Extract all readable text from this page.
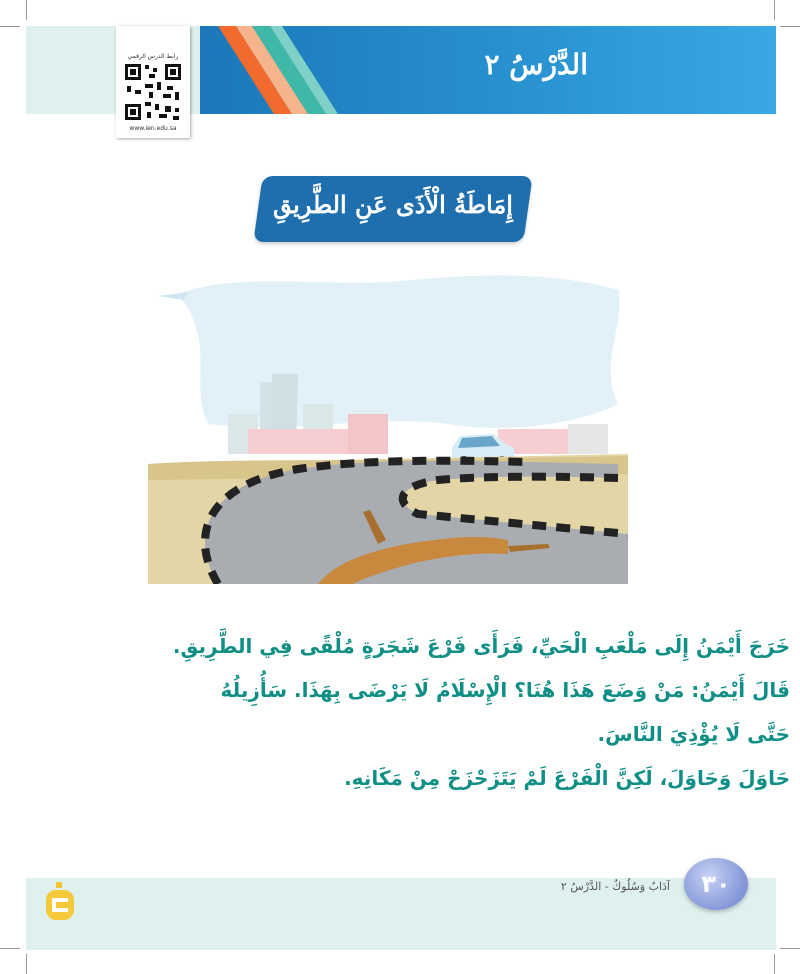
الدَّرْسُ ٢
رابط الدرس الرقمي
www.ien.edu.sa
إِمَاطَةُ الْأَذَى عَنِ الطَّرِيقِ
خَرَجَ أَيْمَنُ إِلَى مَلْعَبِ الْحَيِّ، فَرَأَى فَرْعَ شَجَرَةٍ مُلْقًى فِي الطَّرِيقِ.
قَالَ أَيْمَنُ: مَنْ وَضَعَ هَذَا هُنَا؟ الْإِسْلَامُ لَا يَرْضَى بِهَذَا. سَأُزِيلُهُ
حَتَّى لَا يُؤْذِيَ النَّاسَ.
حَاوَلَ وَحَاوَلَ، لَكِنَّ الْفَرْعَ لَمْ يَتَزَحْزَحْ مِنْ مَكَانِهِ.
آدَابٌ وَسُلُوكٌ - الدَّرْسُ ٢	٣٠
